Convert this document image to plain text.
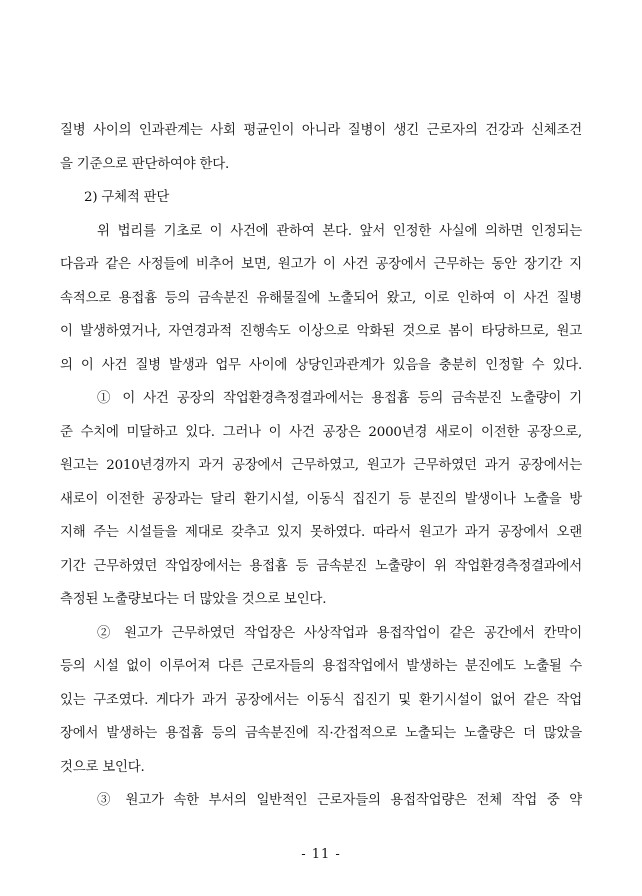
질병 사이의 인과관계는 사회 평균인이 아니라 질병이 생긴 근로자의 건강과 신체조건
을 기준으로 판단하여야 한다.
2) 구체적 판단
위 법리를 기초로 이 사건에 관하여 본다. 앞서 인정한 사실에 의하면 인정되는
다음과 같은 사정들에 비추어 보면, 원고가 이 사건 공장에서 근무하는 동안 장기간 지
속적으로 용접흄 등의 금속분진 유해물질에 노출되어 왔고, 이로 인하여 이 사건 질병
이 발생하였거나, 자연경과적 진행속도 이상으로 악화된 것으로 봄이 타당하므로, 원고
의 이 사건 질병 발생과 업무 사이에 상당인과관계가 있음을 충분히 인정할 수 있다.
① 이 사건 공장의 작업환경측정결과에서는 용접흄 등의 금속분진 노출량이 기
준 수치에 미달하고 있다. 그러나 이 사건 공장은 2000년경 새로이 이전한 공장으로,
원고는 2010년경까지 과거 공장에서 근무하였고, 원고가 근무하였던 과거 공장에서는
새로이 이전한 공장과는 달리 환기시설, 이동식 집진기 등 분진의 발생이나 노출을 방
지해 주는 시설들을 제대로 갖추고 있지 못하였다. 따라서 원고가 과거 공장에서 오랜
기간 근무하였던 작업장에서는 용접흄 등 금속분진 노출량이 위 작업환경측정결과에서
측정된 노출량보다는 더 많았을 것으로 보인다.
② 원고가 근무하였던 작업장은 사상작업과 용접작업이 같은 공간에서 칸막이
등의 시설 없이 이루어져 다른 근로자들의 용접작업에서 발생하는 분진에도 노출될 수
있는 구조였다. 게다가 과거 공장에서는 이동식 집진기 및 환기시설이 없어 같은 작업
장에서 발생하는 용접흄 등의 금속분진에 직·간접적으로 노출되는 노출량은 더 많았을
것으로 보인다.
③ 원고가 속한 부서의 일반적인 근로자들의 용접작업량은 전체 작업 중 약
- 11 -
